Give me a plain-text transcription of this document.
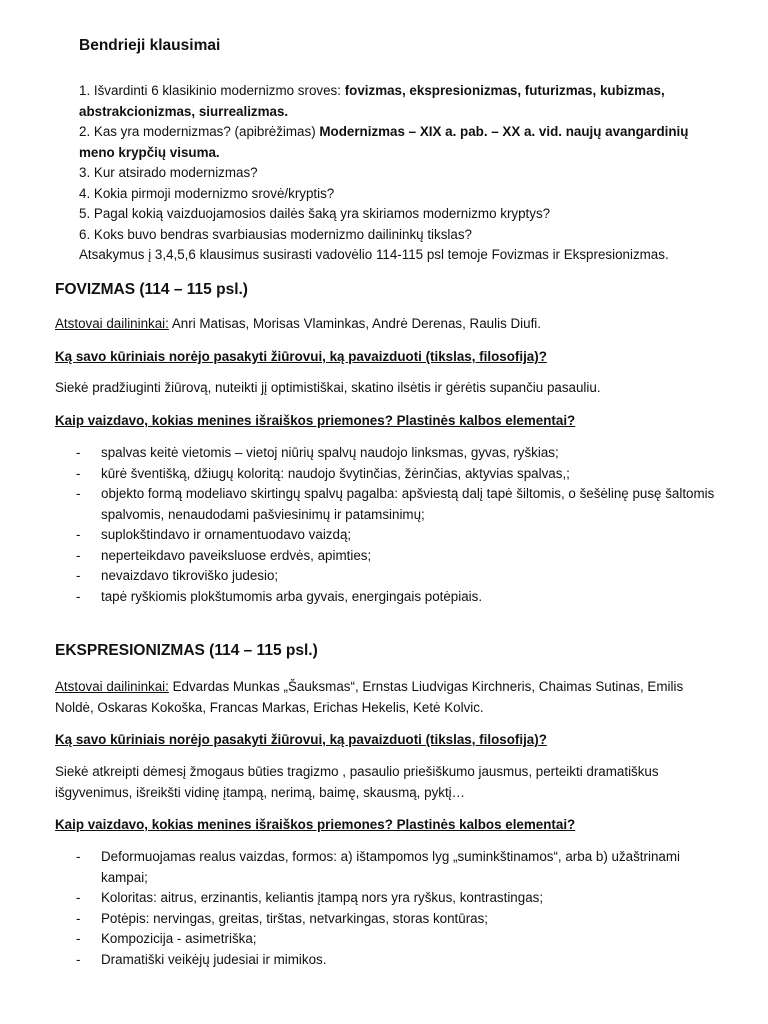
Bendrieji klausimai

1. Išvardinti 6 klasikinio modernizmo sroves: fovizmas, ekspresionizmas, futurizmas, kubizmas, abstrakcionizmas, siurrealizmas.

2. Kas yra modernizmas? (apibrėžimas) Modernizmas – XIX a. pab. – XX a. vid. naujų avangardinių meno krypčių visuma.

3. Kur atsirado modernizmas?

4. Kokia pirmoji modernizmo srovė/kryptis?

5. Pagal kokią vaizduojamosios dailės šaką yra skiriamos modernizmo kryptys?

6. Koks buvo bendras svarbiausias modernizmo dailininkų tikslas?

Atsakymus į 3,4,5,6 klausimus susirasti vadovėlio 114-115 psl temoje Fovizmas ir Ekspresionizmas.

FOVIZMAS (114 – 115 psl.)

Atstovai dailininkai: Anri Matisas, Morisas Vlaminkas, Andrė Derenas, Raulis Diufi.

Ką savo kūriniais norėjo pasakyti žiūrovui, ką pavaizduoti (tikslas, filosofija)?

Siekė pradžiuginti žiūrovą, nuteikti jį optimistiškai, skatino ilsėtis ir gėrėtis supančiu pasauliu.

Kaip vaizdavo, kokias menines išraiškos priemones? Plastinės kalbos elementai?

- spalvas keitė vietomis – vietoj niūrių spalvų naudojo linksmas, gyvas, ryškias;
- kūrė šventišką, džiugų koloritą: naudojo švytinčias, žėrinčias, aktyvias spalvas,;
- objekto formą modeliavo skirtingų spalvų pagalba: apšviestą dalį tapė šiltomis, o šešėlinę pusę šaltomis spalvomis, nenaudodami pašviesinimų ir patamsinimų;
- suplokštindavo ir ornamentuodavo vaizdą;
- neperteikdavo paveiksluose erdvės, apimties;
- nevaizdavo tikroviško judesio;
- tapė ryškiomis plokštumomis arba gyvais, energingais potėpiais.
EKSPRESIONIZMAS (114 – 115 psl.)

Atstovai dailininkai: Edvardas Munkas „Šauksmas“, Ernstas Liudvigas Kirchneris, Chaimas Sutinas, Emilis Noldė, Oskaras Kokoška, Francas Markas, Erichas Hekelis, Ketė Kolvic.

Ką savo kūriniais norėjo pasakyti žiūrovui, ką pavaizduoti (tikslas, filosofija)?

Siekė atkreipti dėmesį žmogaus būties tragizmo , pasaulio priešiškumo jausmus, perteikti dramatiškus išgyvenimus, išreikšti vidinę įtampą, nerimą, baimę, skausmą, pyktį…

Kaip vaizdavo, kokias menines išraiškos priemones? Plastinės kalbos elementai?

- Deformuojamas realus vaizdas, formos: a) ištampomos lyg „suminkštinamos“, arba b) užaštrinami kampai;
- Koloritas: aitrus, erzinantis, keliantis įtampą nors yra ryškus, kontrastingas;
- Potėpis: nervingas, greitas, tirštas, netvarkingas, storas kontūras;
- Kompozicija - asimetriška;
- Dramatiški veikėjų judesiai ir mimikos.
